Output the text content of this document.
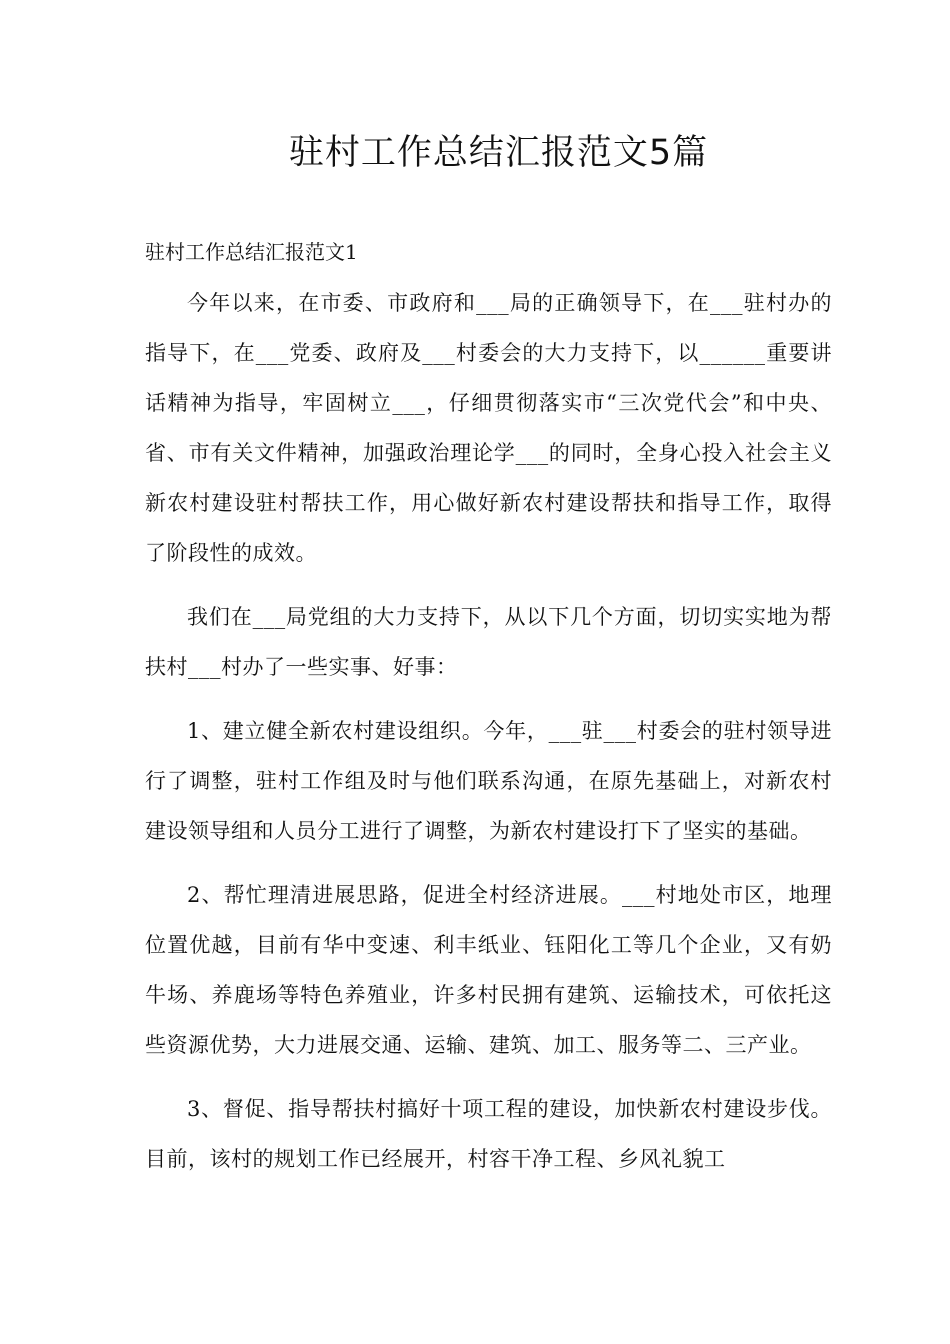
驻村工作总结汇报范文5篇
驻村工作总结汇报范文1

今年以来，在市委、市政府和___局的正确领导下，在___驻村办的指导下，在___党委、政府及___村委会的大力支持下，以______重要讲话精神为指导，牢固树立___，仔细贯彻落实市“三次党代会”和中央、省、市有关文件精神，加强政治理论学___的同时，全身心投入社会主义新农村建设驻村帮扶工作，用心做好新农村建设帮扶和指导工作，取得了阶段性的成效。

我们在___局党组的大力支持下，从以下几个方面，切切实实地为帮扶村___村办了一些实事、好事：

1、建立健全新农村建设组织。今年，___驻___村委会的驻村领导进行了调整，驻村工作组及时与他们联系沟通，在原先基础上，对新农村建设领导组和人员分工进行了调整，为新农村建设打下了坚实的基础。

2、帮忙理清进展思路，促进全村经济进展。___村地处市区，地理位置优越，目前有华中变速、利丰纸业、钰阳化工等几个企业，又有奶牛场、养鹿场等特色养殖业，许多村民拥有建筑、运输技术，可依托这些资源优势，大力进展交通、运输、建筑、加工、服务等二、三产业。

3、督促、指导帮扶村搞好十项工程的建设，加快新农村建设步伐。目前，该村的规划工作已经展开，村容干净工程、乡风礼貌工
